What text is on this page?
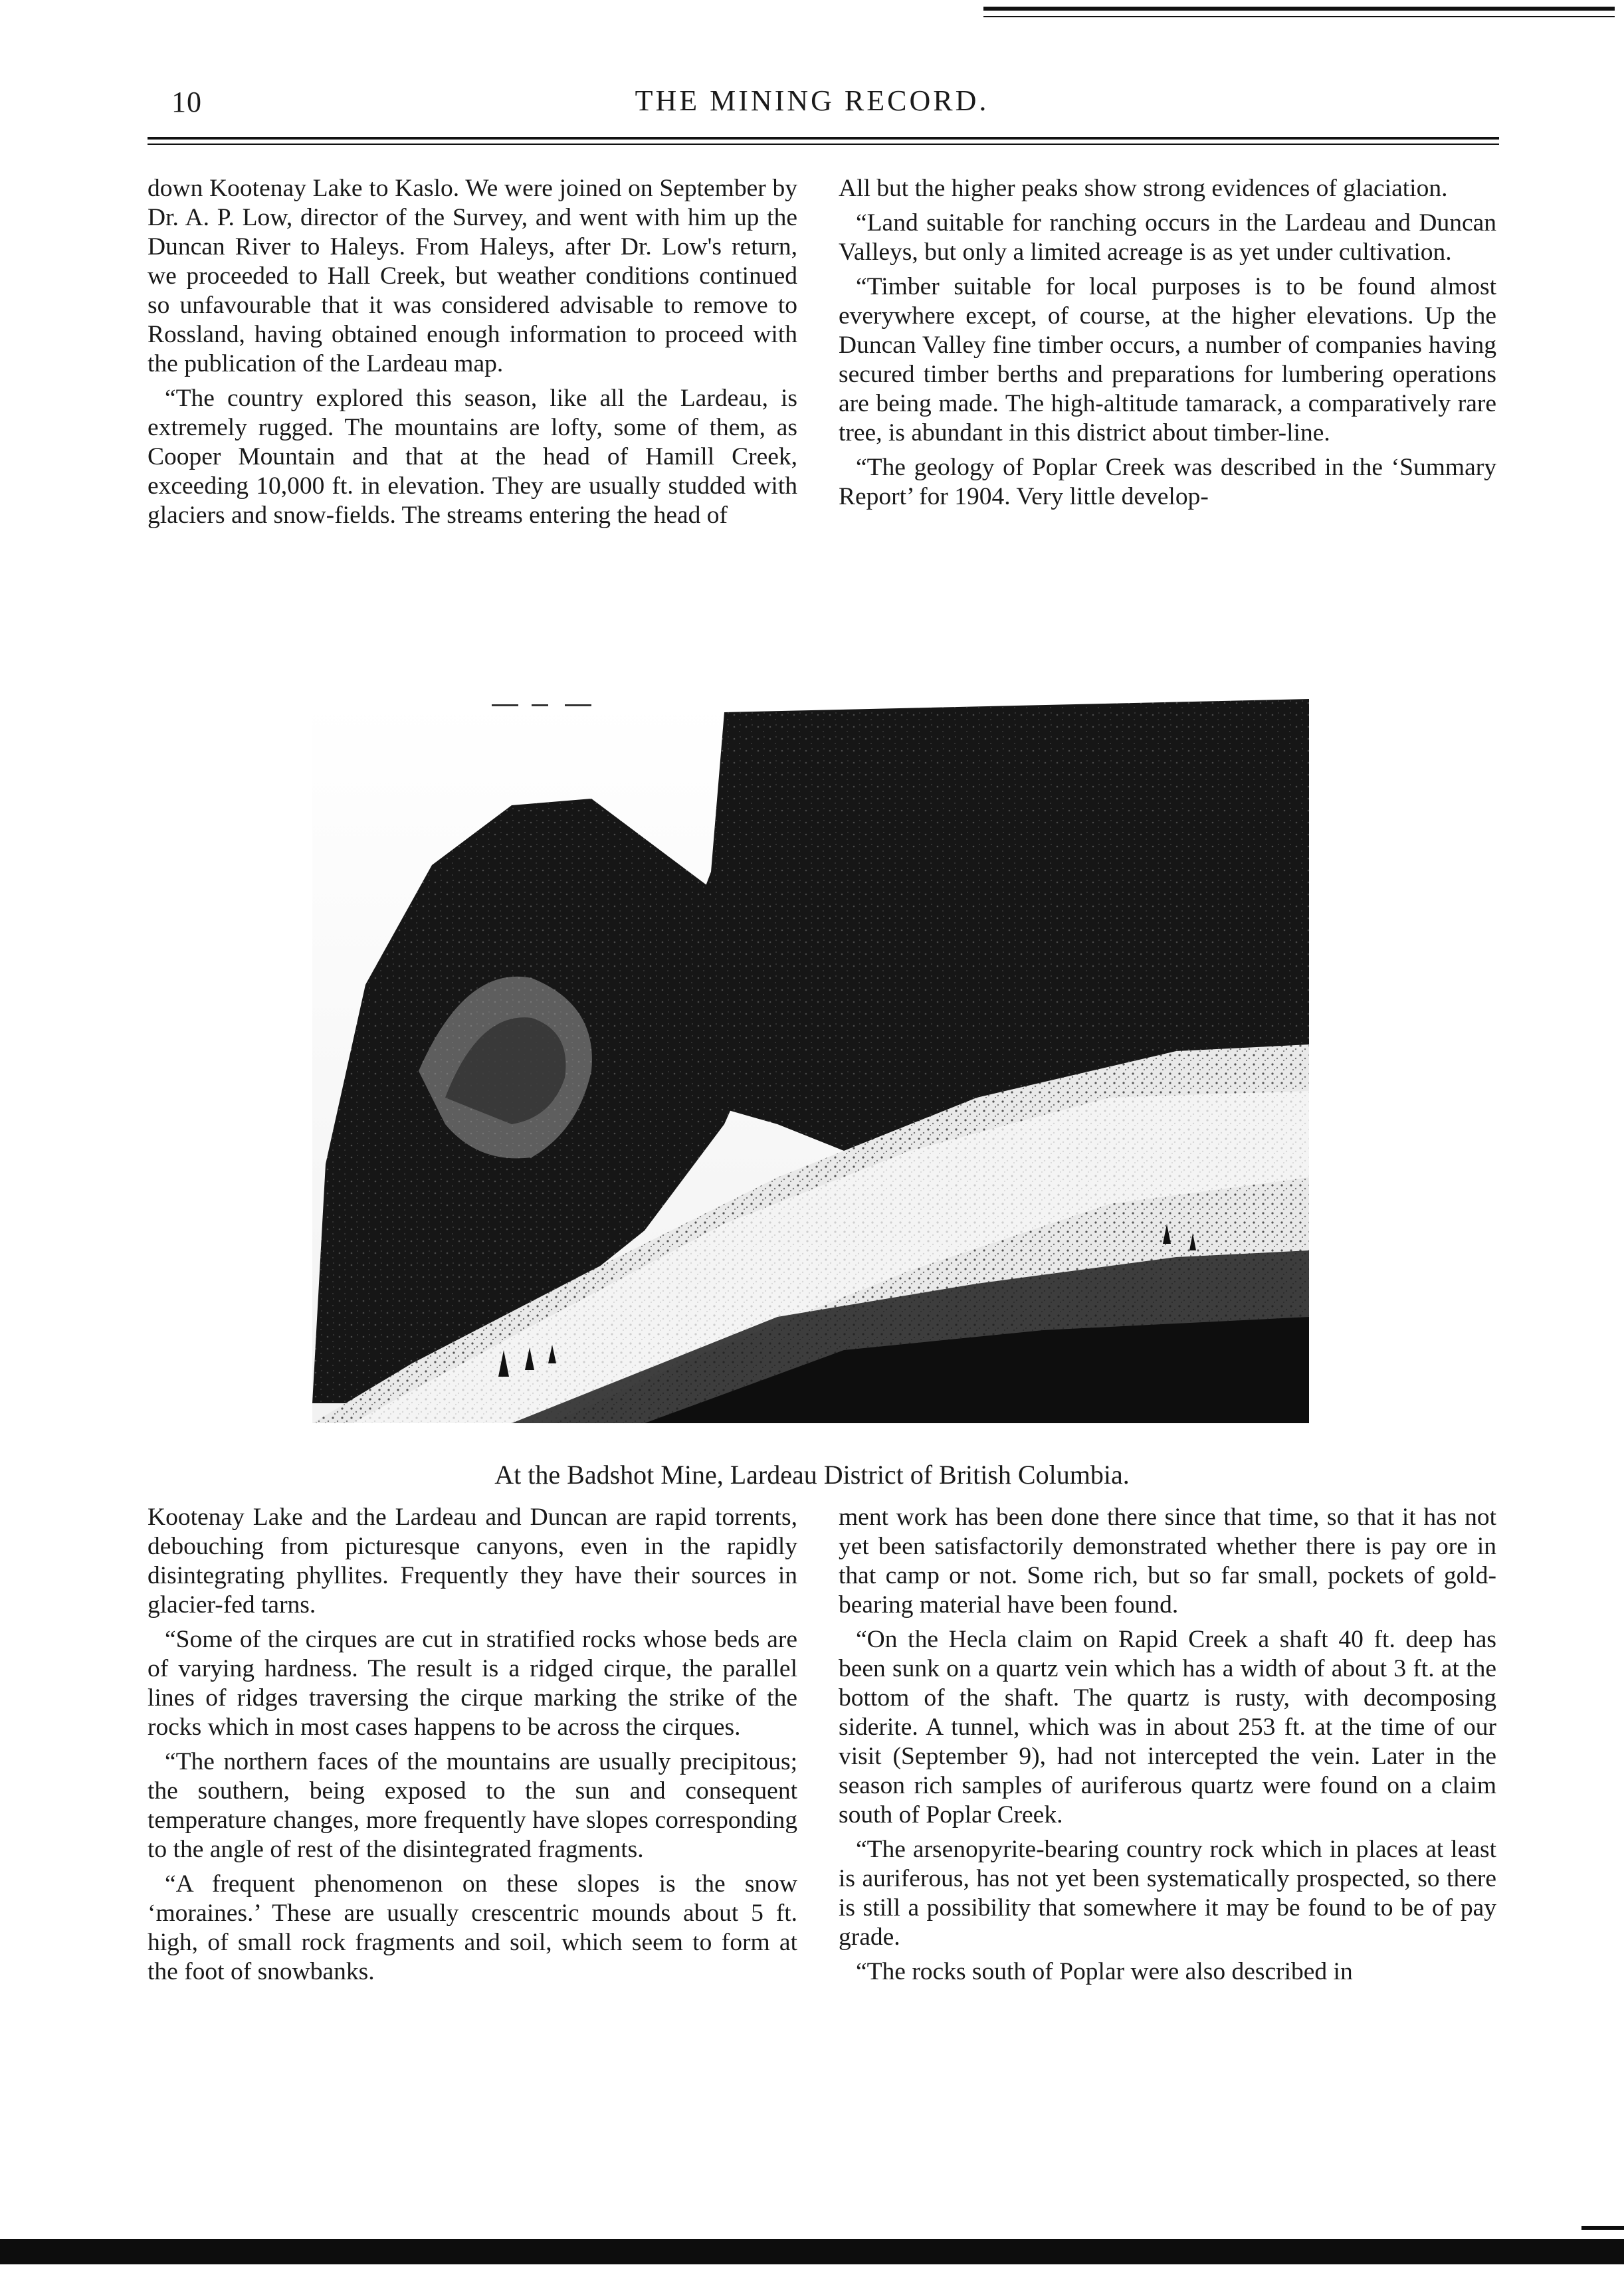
10	THE MINING RECORD.

down Kootenay Lake to Kaslo. We were joined on September by Dr. A. P. Low, director of the Survey, and went with him up the Duncan River to Haleys. From Haleys, after Dr. Low's return, we proceeded to Hall Creek, but weather conditions continued so unfavourable that it was considered advisable to remove to Rossland, having obtained enough information to proceed with the publication of the Lardeau map.

“The country explored this season, like all the Lardeau, is extremely rugged. The mountains are lofty, some of them, as Cooper Mountain and that at the head of Hamill Creek, exceeding 10,000 ft. in elevation. They are usually studded with glaciers and snow-fields. The streams entering the head of

All but the higher peaks show strong evidences of glaciation.

“Land suitable for ranching occurs in the Lardeau and Duncan Valleys, but only a limited acreage is as yet under cultivation.

“Timber suitable for local purposes is to be found almost everywhere except, of course, at the higher elevations. Up the Duncan Valley fine timber occurs, a number of companies having secured timber berths and preparations for lumbering operations are being made. The high-altitude tamarack, a comparatively rare tree, is abundant in this district about timber-line.

“The geology of Poplar Creek was described in the ‘Summary Report’ for 1904. Very little develop-

At the Badshot Mine, Lardeau District of British Columbia.

Kootenay Lake and the Lardeau and Duncan are rapid torrents, debouching from picturesque canyons, even in the rapidly disintegrating phyllites. Frequently they have their sources in glacier-fed tarns.

“Some of the cirques are cut in stratified rocks whose beds are of varying hardness. The result is a ridged cirque, the parallel lines of ridges traversing the cirque marking the strike of the rocks which in most cases happens to be across the cirques.

“The northern faces of the mountains are usually precipitous; the southern, being exposed to the sun and consequent temperature changes, more frequently have slopes corresponding to the angle of rest of the disintegrated fragments.

“A frequent phenomenon on these slopes is the snow ‘moraines.’ These are usually crescentric mounds about 5 ft. high, of small rock fragments and soil, which seem to form at the foot of snowbanks.

ment work has been done there since that time, so that it has not yet been satisfactorily demonstrated whether there is pay ore in that camp or not. Some rich, but so far small, pockets of gold-bearing material have been found.

“On the Hecla claim on Rapid Creek a shaft 40 ft. deep has been sunk on a quartz vein which has a width of about 3 ft. at the bottom of the shaft. The quartz is rusty, with decomposing siderite. A tunnel, which was in about 253 ft. at the time of our visit (September 9), had not intercepted the vein. Later in the season rich samples of auriferous quartz were found on a claim south of Poplar Creek.

“The arsenopyrite-bearing country rock which in places at least is auriferous, has not yet been systematically prospected, so there is still a possibility that somewhere it may be found to be of pay grade.

“The rocks south of Poplar were also described in
